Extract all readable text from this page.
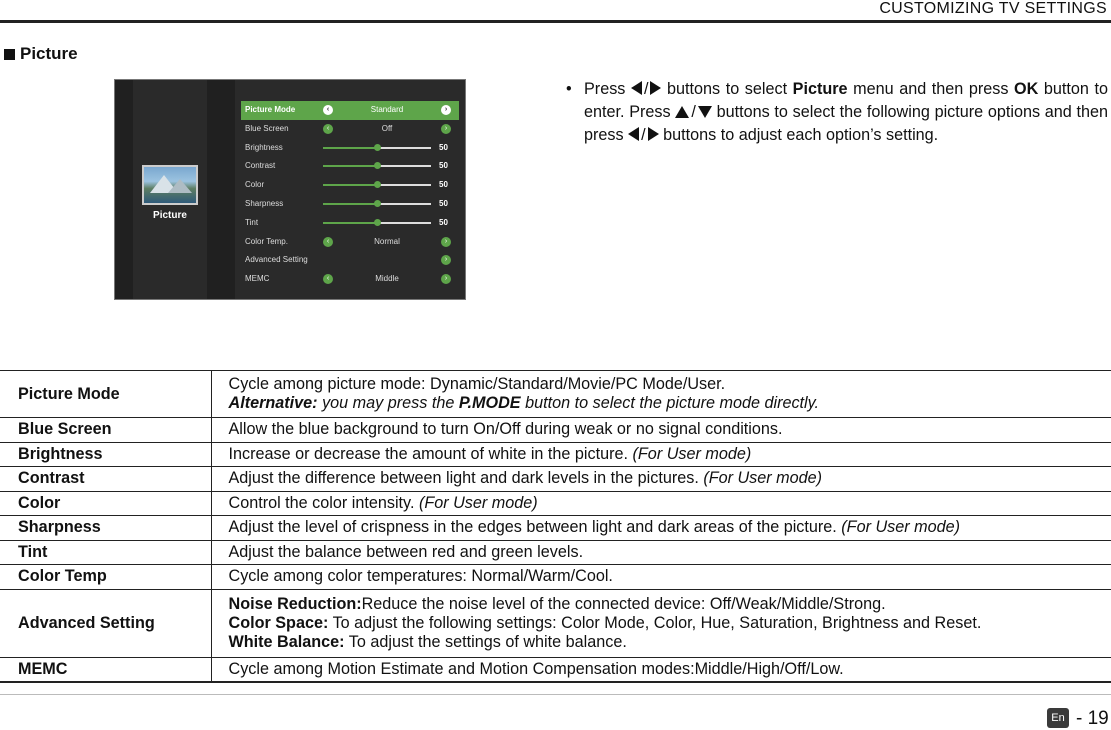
CUSTOMIZING TV SETTINGS
Picture
Picture
Picture Mode	‹	Standard	›
Blue Screen	‹	Off	›
Brightness	50
Contrast	50
Color	50
Sharpness	50
Tint	50
Color Temp.	‹	Normal	›
Advanced Setting	›
MEMC	‹	Middle	›
• Press / buttons to select Picture menu and then press OK button to enter. Press / buttons to select the following picture options and then press / buttons to adjust each option’s setting.

Picture Mode	Cycle among picture mode: Dynamic/Standard/Movie/PC Mode/User.
Alternative: you may press the P.MODE button to select the picture mode directly.

Blue Screen	Allow the blue background to turn On/Off during weak or no signal conditions.
Brightness	Increase or decrease the amount of white in the picture. (For User mode)
Contrast	Adjust the difference between light and dark levels in the pictures. (For User mode)
Color	Control the color intensity. (For User mode)
Sharpness	Adjust the level of crispness in the edges between light and dark areas of the picture. (For User mode)
Tint	Adjust the balance between red and green levels.
Color Temp	Cycle among color temperatures: Normal/Warm/Cool.
Advanced Setting	Noise Reduction:Reduce the noise level of the connected device: Off/Weak/Middle/Strong.
Color Space: To adjust the following settings: Color Mode, Color, Hue, Saturation, Brightness and Reset.
White Balance: To adjust the settings of white balance.

MEMC	Cycle among Motion Estimate and Motion Compensation modes:Middle/High/Off/Low.
En - 19
